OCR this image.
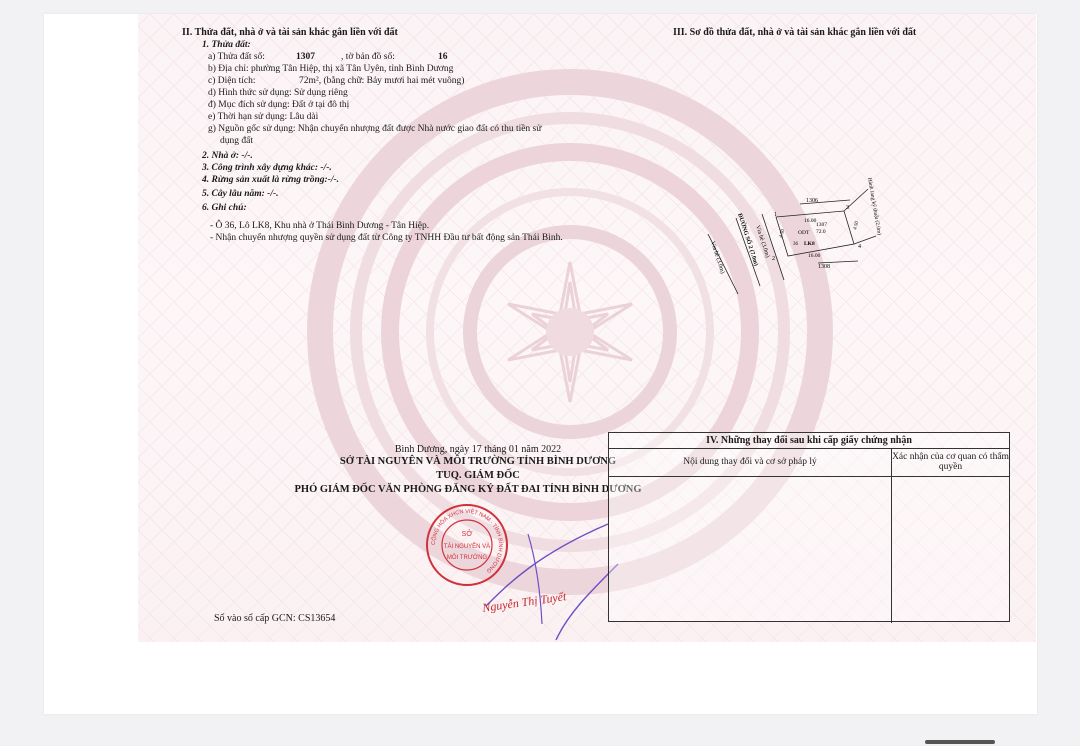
II. Thửa đất, nhà ở và tài sản khác gắn liền với đất
1. Thửa đất:
a) Thửa đất số:	1307	, tờ bản đồ số:	16
b) Địa chỉ: phường Tân Hiệp, thị xã Tân Uyên, tỉnh Bình Dương
c) Diện tích:	72m², (bằng chữ: Bảy mươi hai mét vuông)
d) Hình thức sử dụng: Sử dụng riêng
đ) Mục đích sử dụng: Đất ở tại đô thị
e) Thời hạn sử dụng: Lâu dài
g) Nguồn gốc sử dụng: Nhận chuyển nhượng đất được Nhà nước giao đất có thu tiền sử
dụng đất
2. Nhà ở: -/-.
3. Công trình xây dựng khác: -/-.
4. Rừng sản xuất là rừng trồng:-/-.
5. Cây lâu năm: -/-.
6. Ghi chú:
- Ô 36, Lô LK8, Khu nhà ở Thái Bình Dương - Tân Hiệp.
- Nhận chuyển nhượng quyền sử dụng đất từ Công ty TNHH Đầu tư bất động sản Thái Bình.
III. Sơ đồ thửa đất, nhà ở và tài sản khác gắn liền với đất
1306
1308
1307
ODT 72.0
LK8
36
16.00
16.00
4.50
4.50
1
2
3
4
ĐƯỜNG SỐ 2 (7.0m)
Vỉa hè (3.0m)
Vỉa hè (3.0m)
Hành lang kỹ thuật (2.0m)
Bình Dương, ngày 17 tháng 01 năm 2022
SỞ TÀI NGUYÊN VÀ MÔI TRƯỜNG TỈNH BÌNH DƯƠNG
TUQ. GIÁM ĐỐC
PHÓ GIÁM ĐỐC VĂN PHÒNG ĐĂNG KÝ ĐẤT ĐAI TỈNH BÌNH DƯƠNG
CỘNG HÒA XHCN VIỆT NAM · TỈNH BÌNH DƯƠNG
SỞ
TÀI NGUYÊN VÀ
MÔI TRƯỜNG
Nguyễn Thị Tuyết
Số vào sổ cấp GCN: CS13654
IV. Những thay đổi sau khi cấp giấy chứng nhận
Nội dung thay đổi và cơ sở pháp lý	Xác nhận của cơ quan có thẩm quyền
